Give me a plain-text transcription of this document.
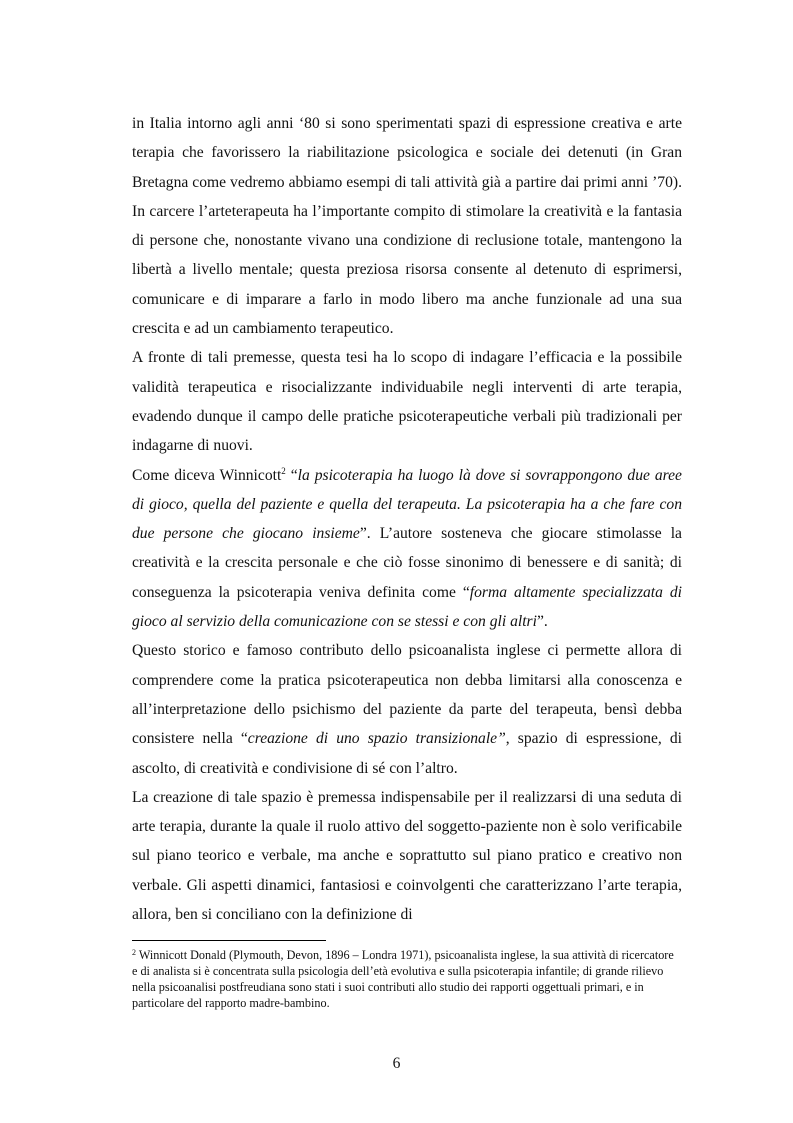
in Italia intorno agli anni ‘80 si sono sperimentati spazi di espressione creativa e arte terapia che favorissero la riabilitazione psicologica e sociale dei detenuti (in Gran Bretagna come vedremo abbiamo esempi di tali attività già a partire dai primi anni ’70). In carcere l’arteterapeuta ha l’importante compito di stimolare la creatività e la fantasia di persone che, nonostante vivano una condizione di reclusione totale, mantengono la libertà a livello mentale; questa preziosa risorsa consente al detenuto di esprimersi, comunicare e di imparare a farlo in modo libero ma anche funzionale ad una sua crescita e ad un cambiamento terapeutico.

A fronte di tali premesse, questa tesi ha lo scopo di indagare l’efficacia e la possibile validità terapeutica e risocializzante individuabile negli interventi di arte terapia, evadendo dunque il campo delle pratiche psicoterapeutiche verbali più tradizionali per indagarne di nuovi.

Come diceva Winnicott$^2$ “la psicoterapia ha luogo là dove si sovrappongono due aree di gioco, quella del paziente e quella del terapeuta. La psicoterapia ha a che fare con due persone che giocano insieme”. L’autore sosteneva che giocare stimolasse la creatività e la crescita personale e che ciò fosse sinonimo di benessere e di sanità; di conseguenza la psicoterapia veniva definita come “forma altamente specializzata di gioco al servizio della comunicazione con se stessi e con gli altri”.

Questo storico e famoso contributo dello psicoanalista inglese ci permette allora di comprendere come la pratica psicoterapeutica non debba limitarsi alla conoscenza e all’interpretazione dello psichismo del paziente da parte del terapeuta, bensì debba consistere nella “creazione di uno spazio transizionale”, spazio di espressione, di ascolto, di creatività e condivisione di sé con l’altro.

La creazione di tale spazio è premessa indispensabile per il realizzarsi di una seduta di arte terapia, durante la quale il ruolo attivo del soggetto-paziente non è solo verificabile sul piano teorico e verbale, ma anche e soprattutto sul piano pratico e creativo non verbale. Gli aspetti dinamici, fantasiosi e coinvolgenti che caratterizzano l’arte terapia, allora, ben si conciliano con la definizione di

$^2$ Winnicott Donald (Plymouth, Devon, 1896 – Londra 1971), psicoanalista inglese, la sua attività di ricercatore e di analista si è concentrata sulla psicologia dell’età evolutiva e sulla psicoterapia infantile; di grande rilievo nella psicoanalisi postfreudiana sono stati i suoi contributi allo studio dei rapporti oggettuali primari, e in particolare del rapporto madre-bambino.
6
